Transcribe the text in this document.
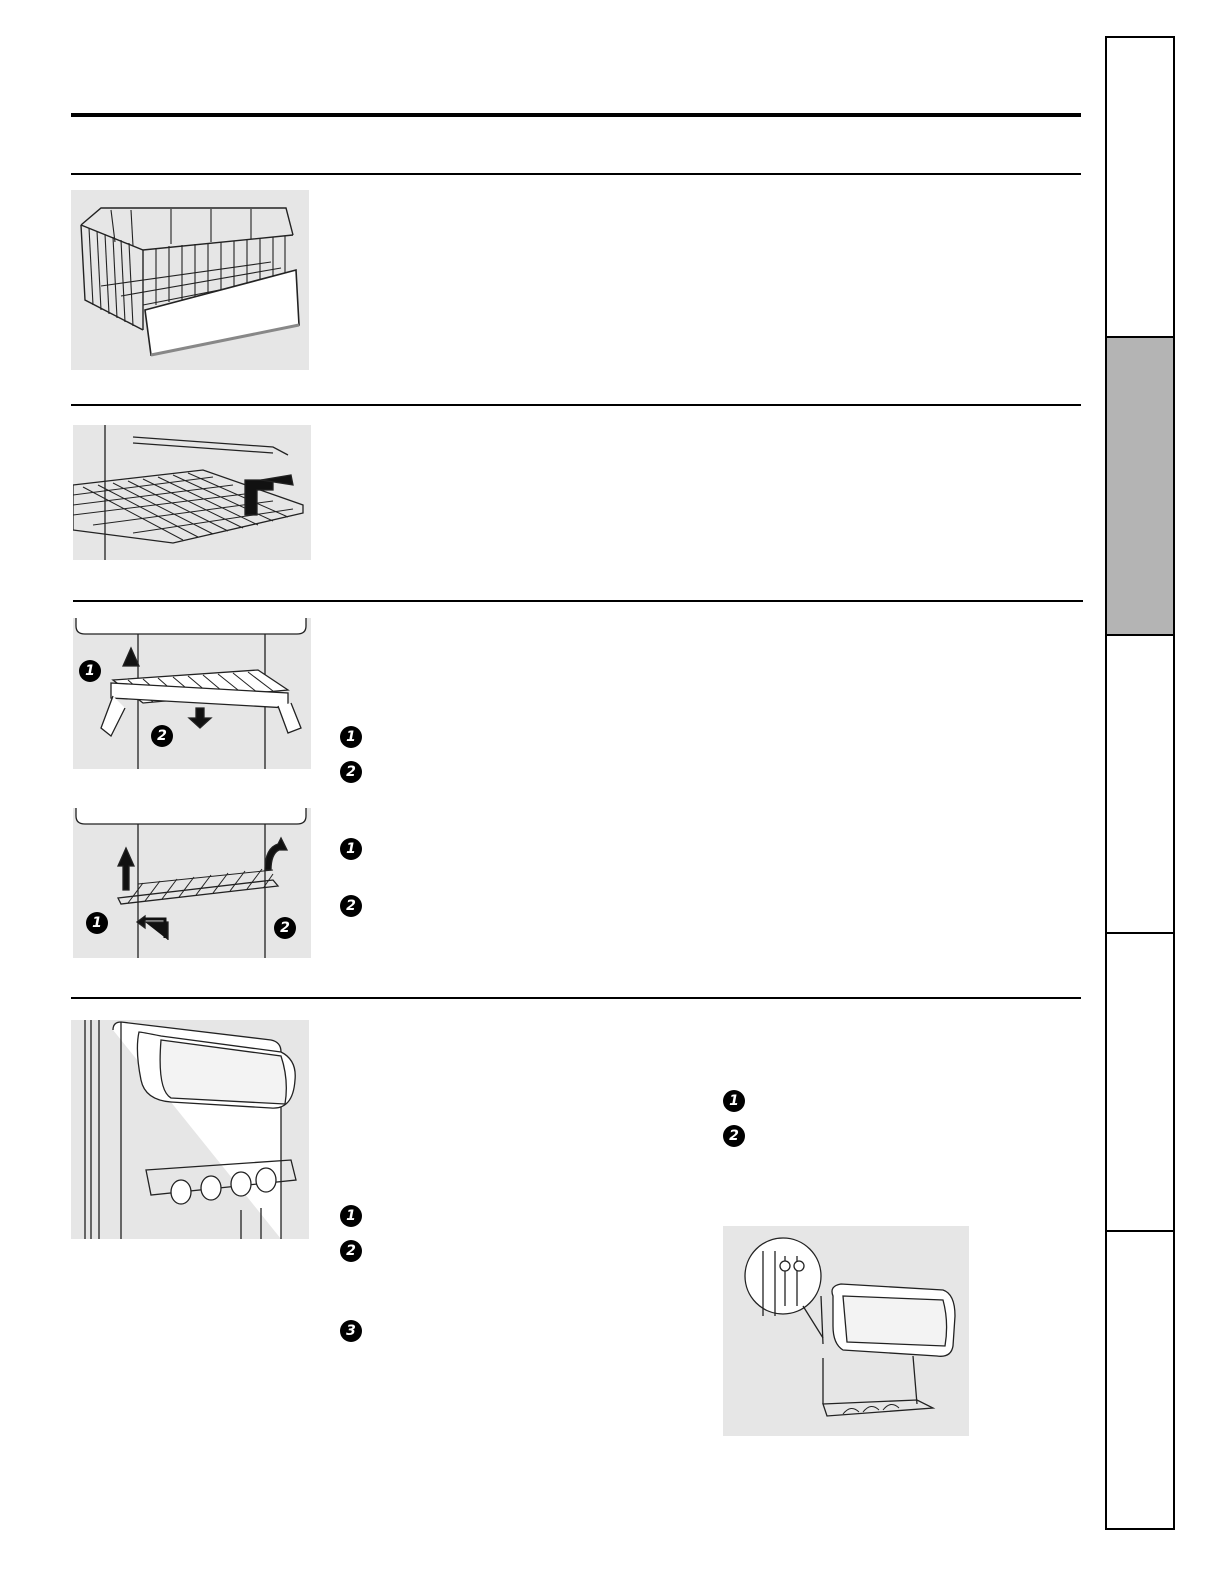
1
2
1
2
1
2
3
1
2
1
2
1	2
